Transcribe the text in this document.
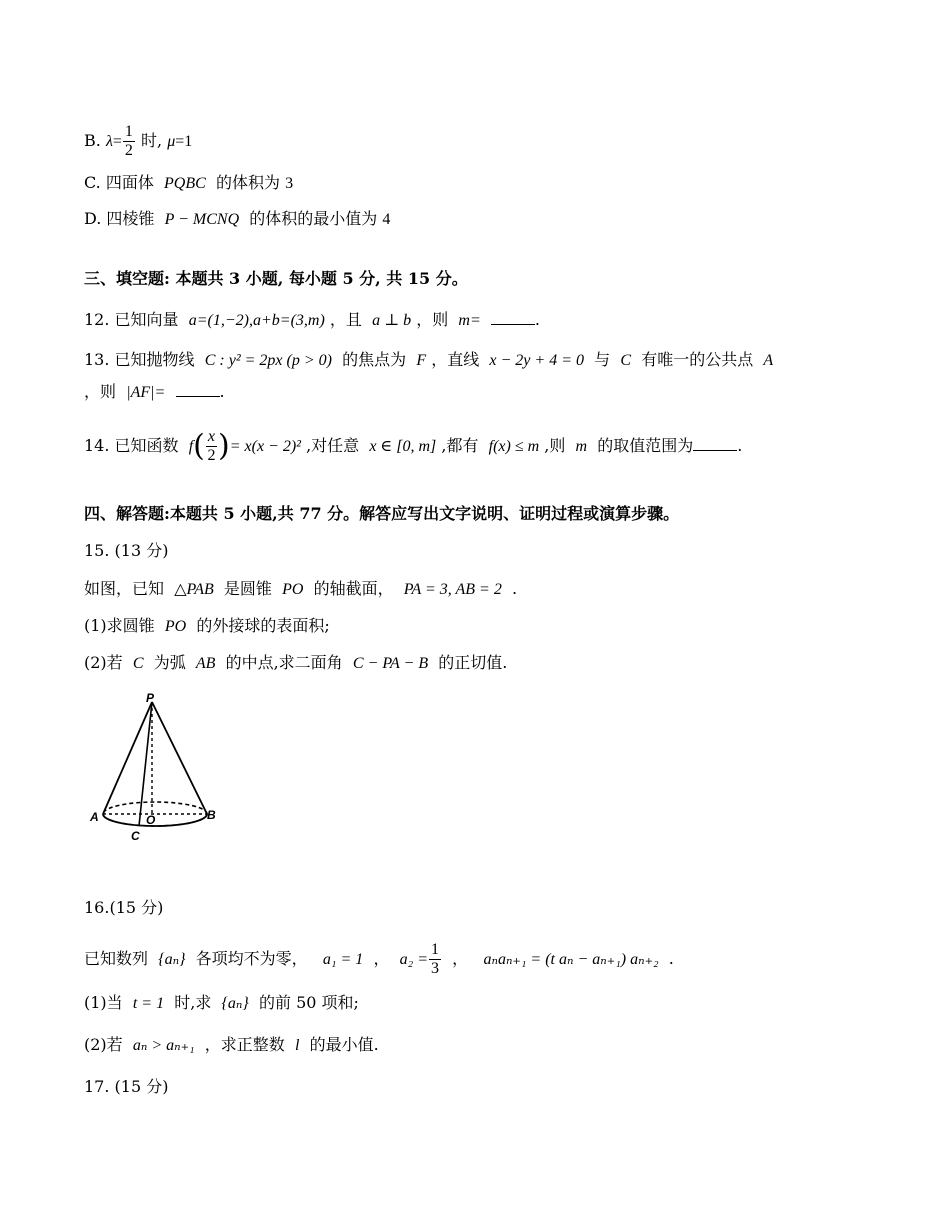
B. $\lambda= \frac{1}{2}$ 时, μ=1
C. 四面体 PQBC 的体积为 3
D. 四棱锥 P − MCNQ 的体积的最小值为 4
三、填空题: 本题共 3 小题, 每小题 5 分, 共 15 分。
12. 已知向量 a=(1,−2),a+b=(3,m) ，且 a ⊥ b ，则 m=	.
13. 已知抛物线 C : y² = 2px (p > 0) 的焦点为 F ，直线 x − 2y + 4 = 0 与 C 有唯一的公共点 A
，则 |AF|=	.
14. 已知函数 $f( \frac{x}{2}$ )= x(x − 2)² ,对任意 x ∈ [0, m] ,都有 f(x) ≤ m ,则 m 的取值范围为	.
四、解答题:本题共 5 小题,共 77 分。解答应写出文字说明、证明过程或演算步骤。
15. (13 分)
如图，已知 △PAB 是圆锥 PO 的轴截面， PA = 3, AB = 2 .
(1)求圆锥 PO 的外接球的表面积;
(2)若 C 为弧 AB 的中点,求二面角 C − PA − B 的正切值.
P
A	B
O
C
16.(15 分)
已知数列 {aₙ} 各项均不为零， a₁ = 1 ， $a_2 = \frac{1}{3}$ ， aₙaₙ₊₁ = (t aₙ − aₙ₊₁) aₙ₊₂ .
(1)当 t = 1 时,求 {aₙ} 的前 50 项和;
(2)若 aₙ > aₙ₊₁ ，求正整数 l 的最小值.
17. (15 分)
